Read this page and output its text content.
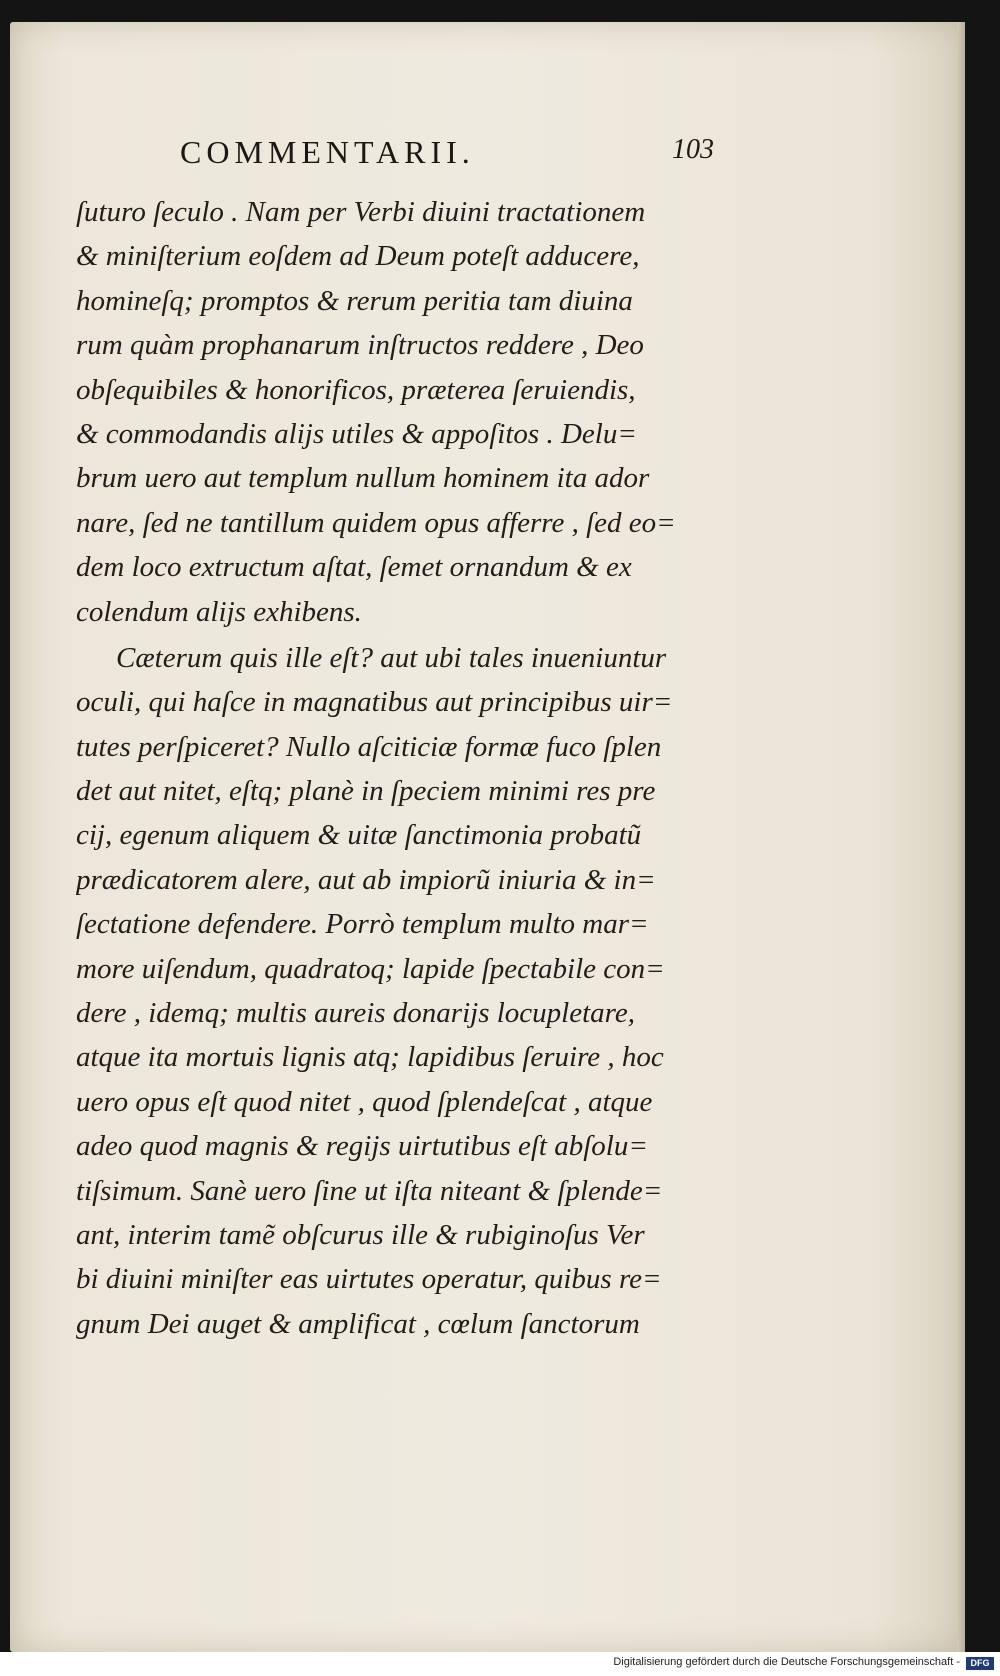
COMMENTARII.	103
ſuturo ſeculo . Nam per Verbi diuini tractationem
& miniſterium eoſdem ad Deum poteſt adducere,
homineſq; promptos & rerum peritia tam diuina
rum quàm prophanarum inſtructos reddere , Deo
obſequibiles & honorificos, præterea ſeruiendis,
& commodandis alijs utiles & appoſitos . Delu=
brum uero aut templum nullum hominem ita ador
nare, ſed ne tantillum quidem opus afferre , ſed eo=
dem loco extructum aſtat, ſemet ornandum & ex
colendum alijs exhibens.
Cæterum quis ille eſt? aut ubi tales inueniuntur
oculi, qui haſce in magnatibus aut principibus uir=
tutes perſpiceret? Nullo aſciticiæ formæ fuco ſplen
det aut nitet, eſtq; planè in ſpeciem minimi res pre
cij, egenum aliquem & uitæ ſanctimonia probatũ
prædicatorem alere, aut ab impiorũ iniuria & in=
ſectatione defendere. Porrò templum multo mar=
more uiſendum, quadratoq; lapide ſpectabile con=
dere , idemq; multis aureis donarijs locupletare,
atque ita mortuis lignis atq; lapidibus ſeruire , hoc
uero opus eſt quod nitet , quod ſplendeſcat , atque
adeo quod magnis & regijs uirtutibus eſt abſolu=
tiſsimum. Sanè uero ſine ut iſta niteant & ſplende=
ant, interim tamẽ obſcurus ille & rubiginoſus Ver
bi diuini miniſter eas uirtutes operatur, quibus re=
gnum Dei auget & amplificat , cœlum ſanctorum
Digitalisierung gefördert durch die Deutsche Forschungsgemeinschaft -	DFG
